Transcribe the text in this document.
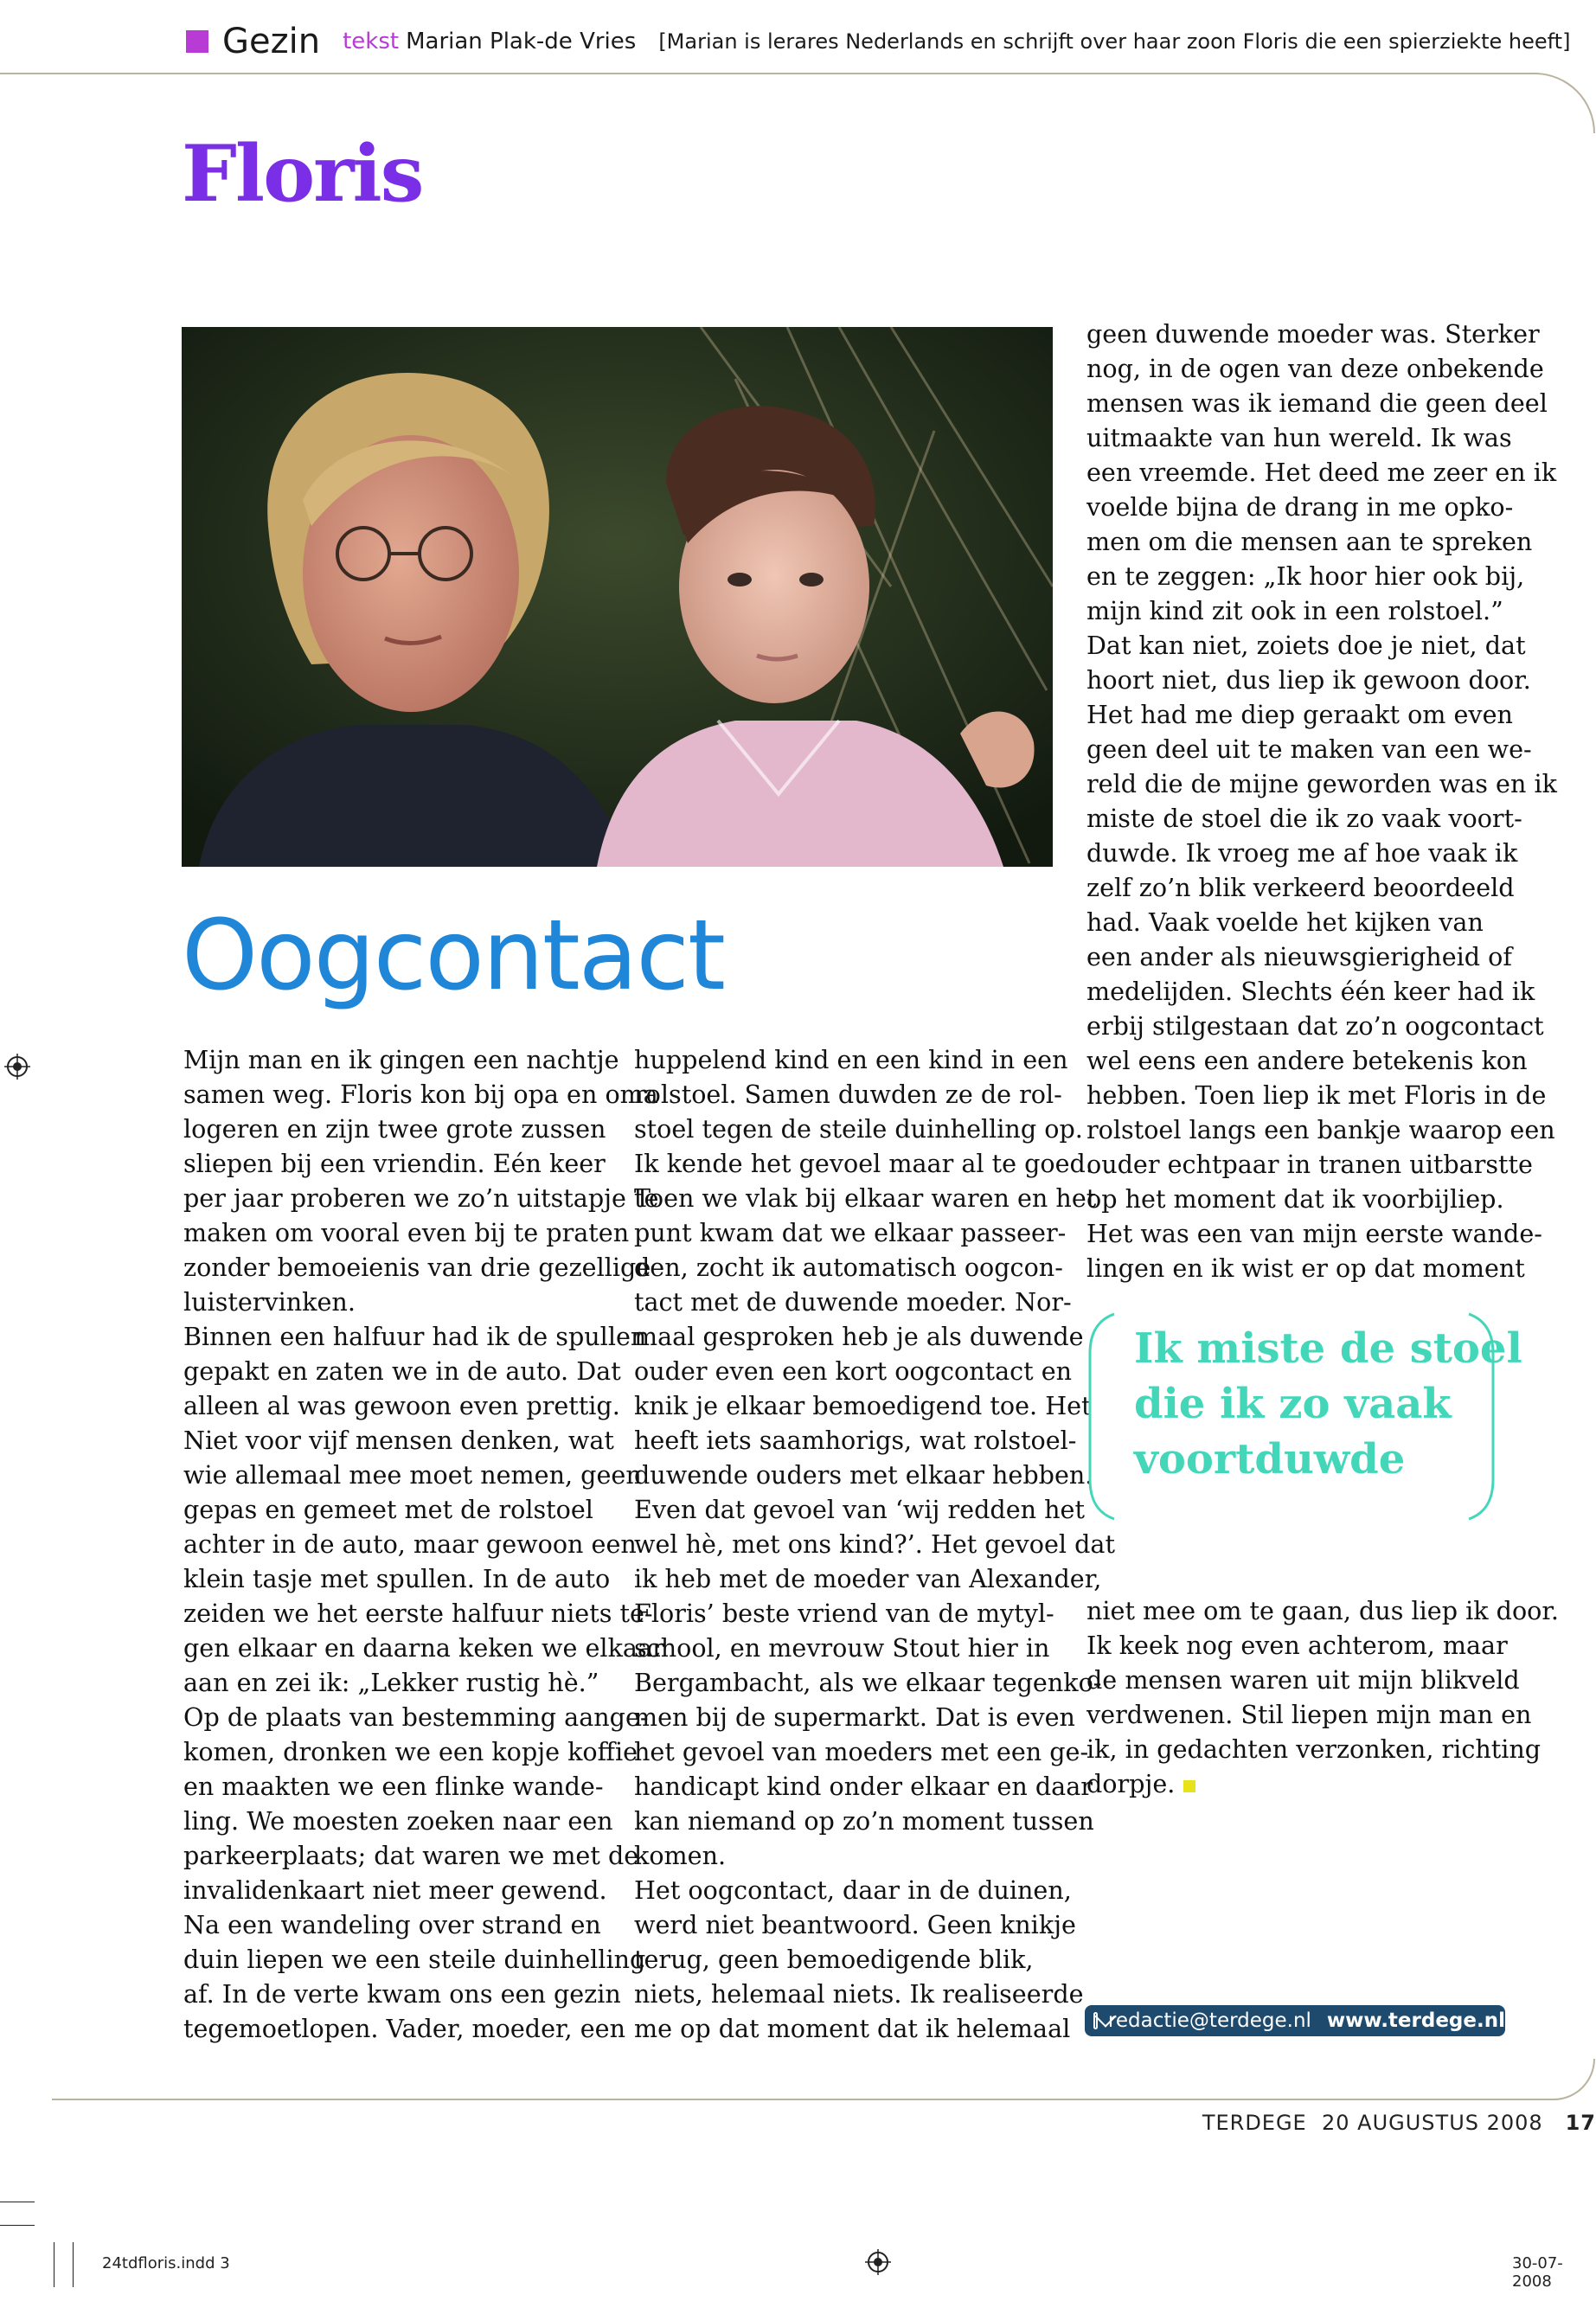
Gezin tekst Marian Plak-de Vries [Marian is lerares Nederlands en schrijft over haar zoon Floris die een spierziekte heeft]
Floris
Oogcontact
Mijn man en ik gingen een nachtje
samen weg. Floris kon bij opa en oma
logeren en zijn twee grote zussen
sliepen bij een vriendin. Eén keer
per jaar proberen we zo’n uitstapje te
maken om vooral even bij te praten
zonder bemoeienis van drie gezellige
luistervinken.
Binnen een halfuur had ik de spullen
gepakt en zaten we in de auto. Dat
alleen al was gewoon even prettig.
Niet voor vijf mensen denken, wat
wie allemaal mee moet nemen, geen
gepas en gemeet met de rolstoel
achter in de auto, maar gewoon een
klein tasje met spullen. In de auto
zeiden we het eerste halfuur niets te-
gen elkaar en daarna keken we elkaar
aan en zei ik: „Lekker rustig hè.”
Op de plaats van bestemming aange-
komen, dronken we een kopje koffie
en maakten we een flinke wande-
ling. We moesten zoeken naar een
parkeerplaats; dat waren we met de
invalidenkaart niet meer gewend.
Na een wandeling over strand en
duin liepen we een steile duinhelling
af. In de verte kwam ons een gezin
tegemoetlopen. Vader, moeder, een
huppelend kind en een kind in een
rolstoel. Samen duwden ze de rol-
stoel tegen de steile duinhelling op.
Ik kende het gevoel maar al te goed.
Toen we vlak bij elkaar waren en het
punt kwam dat we elkaar passeer-
den, zocht ik automatisch oogcon-
tact met de duwende moeder. Nor-
maal gesproken heb je als duwende
ouder even een kort oogcontact en
knik je elkaar bemoedigend toe. Het
heeft iets saamhorigs, wat rolstoel-
duwende ouders met elkaar hebben.
Even dat gevoel van ‘wij redden het
wel hè, met ons kind?’. Het gevoel dat
ik heb met de moeder van Alexander,
Floris’ beste vriend van de mytyl-
school, en mevrouw Stout hier in
Bergambacht, als we elkaar tegenko-
men bij de supermarkt. Dat is even
het gevoel van moeders met een ge-
handicapt kind onder elkaar en daar
kan niemand op zo’n moment tussen
komen.
Het oogcontact, daar in de duinen,
werd niet beantwoord. Geen knikje
terug, geen bemoedigende blik,
niets, helemaal niets. Ik realiseerde
me op dat moment dat ik helemaal
geen duwende moeder was. Sterker
nog, in de ogen van deze onbekende
mensen was ik iemand die geen deel
uitmaakte van hun wereld. Ik was
een vreemde. Het deed me zeer en ik
voelde bijna de drang in me opko-
men om die mensen aan te spreken
en te zeggen: „Ik hoor hier ook bij,
mijn kind zit ook in een rolstoel.”
Dat kan niet, zoiets doe je niet, dat
hoort niet, dus liep ik gewoon door.
Het had me diep geraakt om even
geen deel uit te maken van een we-
reld die de mijne geworden was en ik
miste de stoel die ik zo vaak voort-
duwde. Ik vroeg me af hoe vaak ik
zelf zo’n blik verkeerd beoordeeld
had. Vaak voelde het kijken van
een ander als nieuwsgierigheid of
medelijden. Slechts één keer had ik
erbij stilgestaan dat zo’n oogcontact
wel eens een andere betekenis kon
hebben. Toen liep ik met Floris in de
rolstoel langs een bankje waarop een
ouder echtpaar in tranen uitbarstte
op het moment dat ik voorbijliep.
Het was een van mijn eerste wande-
lingen en ik wist er op dat moment
Ik miste de stoel
die ik zo vaak
voortduwde
niet mee om te gaan, dus liep ik door.
Ik keek nog even achterom, maar
de mensen waren uit mijn blikveld
verdwenen. Stil liepen mijn man en
ik, in gedachten verzonken, richting
dorpje.
redactie@terdege.nl www.terdege.nl
TERDEGE 20 AUGUSTUS 2008 17
24tdfloris.indd 3	30-07-2008
